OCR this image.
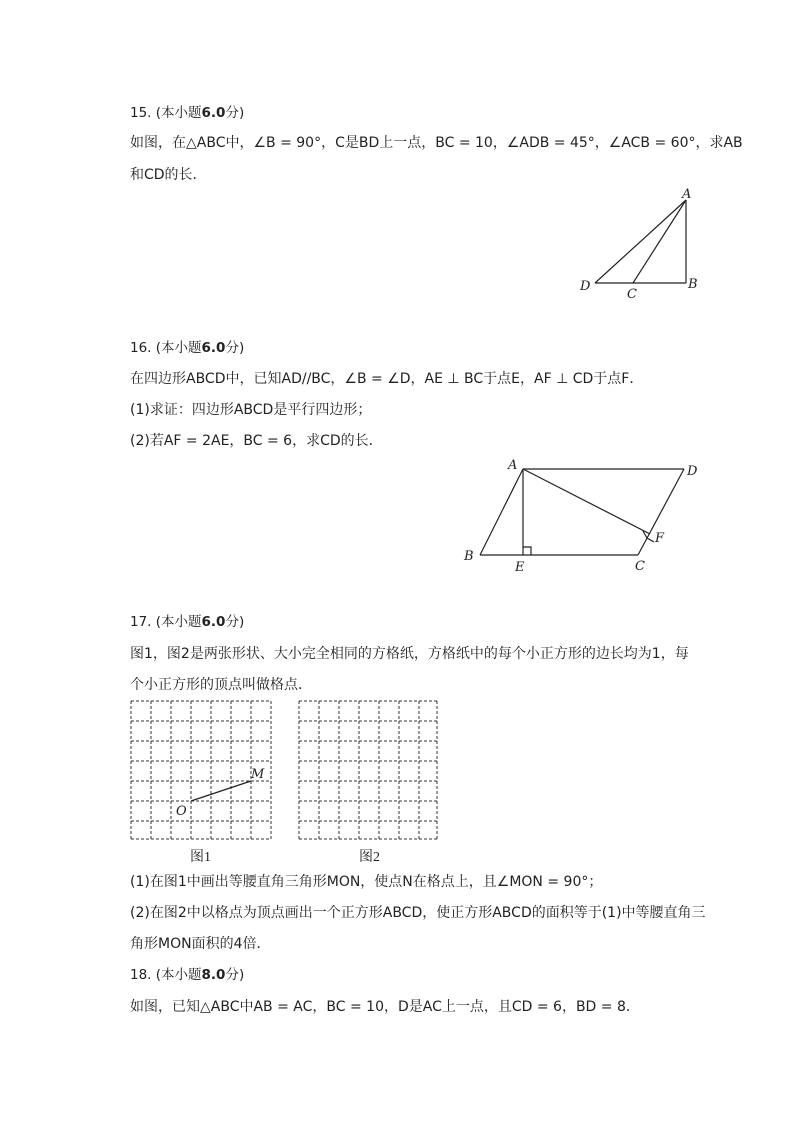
15. (本小题6.0分)
如图，在△ABC中，∠B = 90°，C是BD上一点，BC = 10，∠ADB = 45°，∠ACB = 60°，求AB
和CD的长．
A
B
C
D
16. (本小题6.0分)
在四边形ABCD中，已知AD//BC，∠B = ∠D，AE ⊥ BC于点E，AF ⊥ CD于点F．
(1)求证：四边形ABCD是平行四边形；
(2)若AF = 2AE，BC = 6，求CD的长．
A	D
B
E	C
F
17. (本小题6.0分)
图1，图2是两张形状、大小完全相同的方格纸，方格纸中的每个小正方形的边长均为1，每
个小正方形的顶点叫做格点．
O
M
图1	图2
(1)在图1中画出等腰直角三角形MON，使点N在格点上，且∠MON = 90°；
(2)在图2中以格点为顶点画出一个正方形ABCD，使正方形ABCD的面积等于(1)中等腰直角三
角形MON面积的4倍．
18. (本小题8.0分)
如图，已知△ABC中AB = AC，BC = 10，D是AC上一点，且CD = 6，BD = 8．
